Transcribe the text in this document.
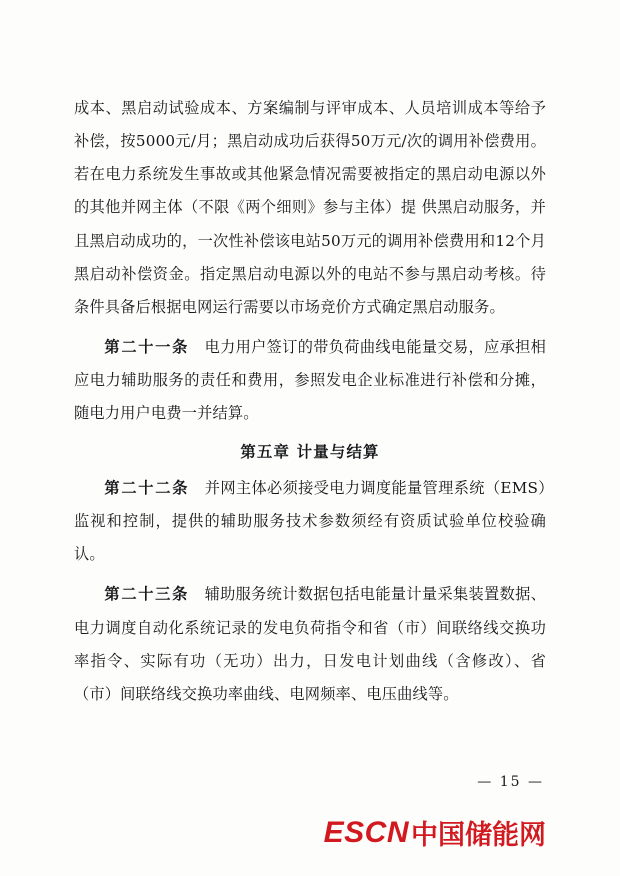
成本、黑启动试验成本、方案编制与评审成本、人员培训成本等给予补偿，按5000元/月；黑启动成功后获得50万元/次的调用补偿费用。若在电力系统发生事故或其他紧急情况需要被指定的黑启动电源以外的其他并网主体（不限《两个细则》参与主体）提 供黑启动服务，并且黑启动成功的，一次性补偿该电站50万元的调用补偿费用和12个月黑启动补偿资金。指定黑启动电源以外的电站不参与黑启动考核。待条件具备后根据电网运行需要以市场竞价方式确定黑启动服务。

第二十一条　 电力用户签订的带负荷曲线电能量交易，应承担相应电力辅助服务的责任和费用，参照发电企业标准进行补偿和分摊，随电力用户电费一并结算。

第五章 计量与结算

第二十二条　 并网主体必须接受电力调度能量管理系统（EMS）监视和控制，提供的辅助服务技术参数须经有资质试验单位校验确认。

第二十三条　 辅助服务统计数据包括电能量计量采集装置数据、电力调度自动化系统记录的发电负荷指令和省（市）间联络线交换功率指令、实际有功（无功）出力，日发电计划曲线（含修改）、省（市）间联络线交换功率曲线、电网频率、电压曲线等。

— 15 —
ESCN 中国储能网
